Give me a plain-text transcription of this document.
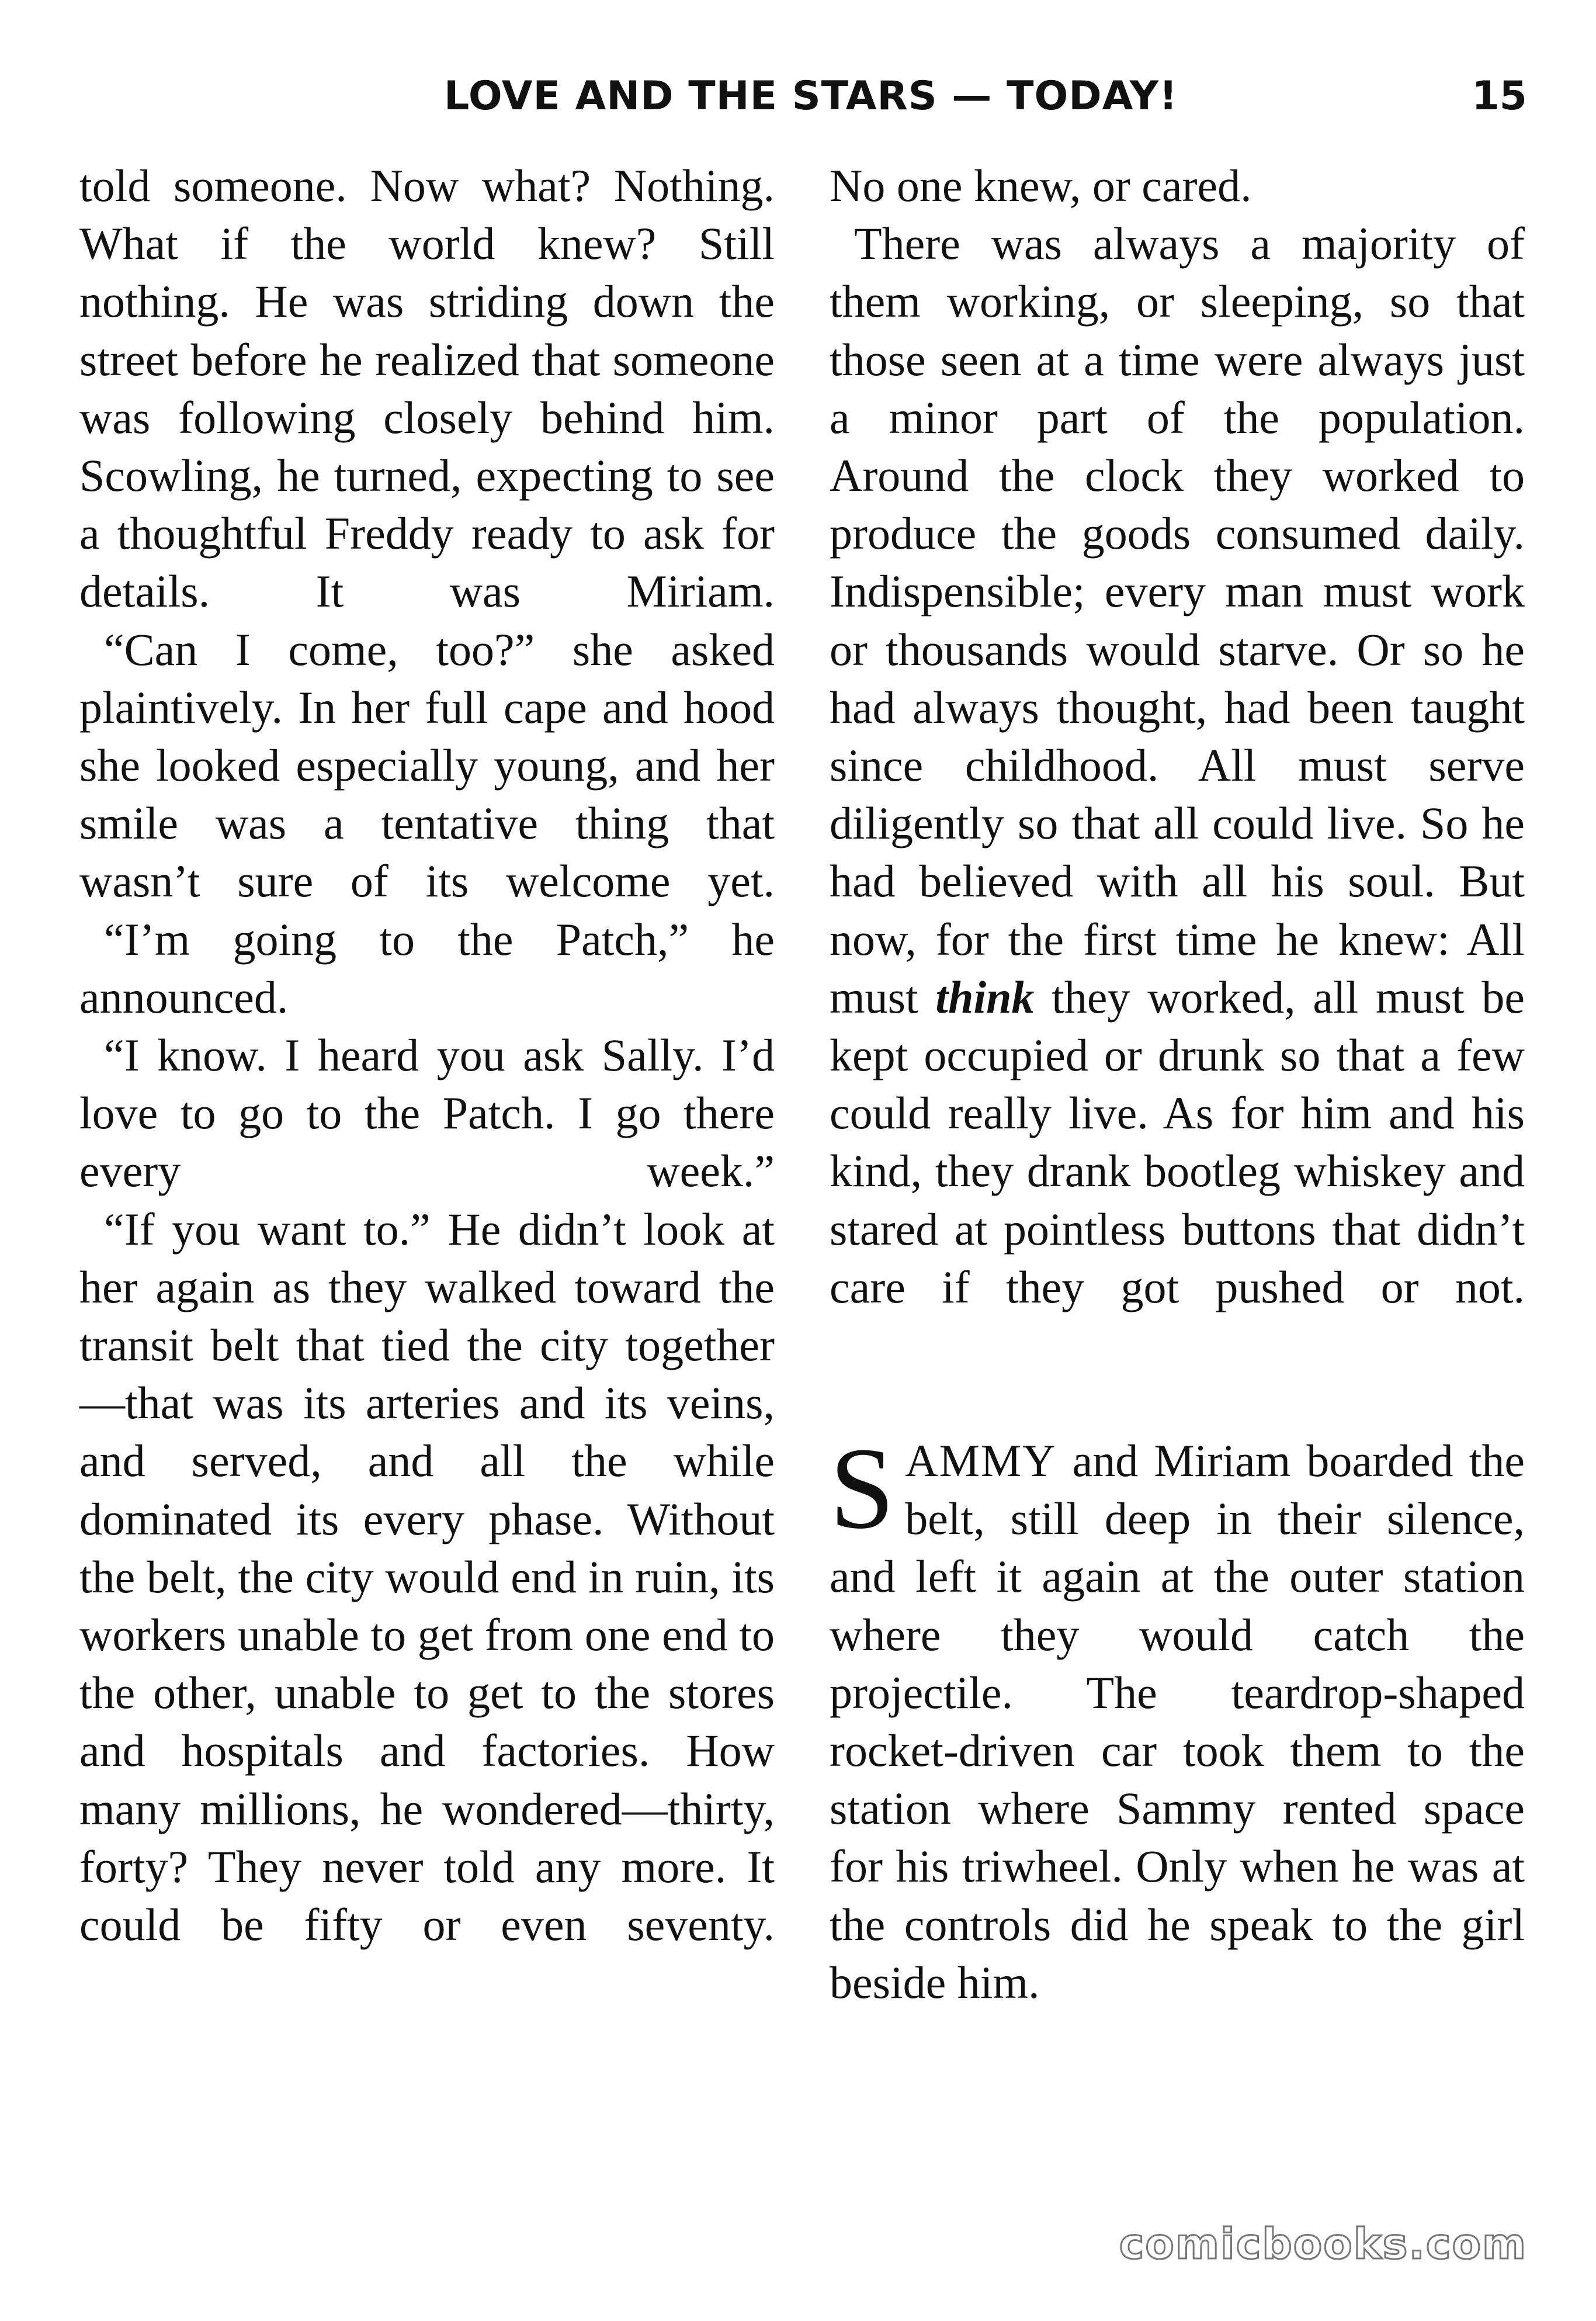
LOVE AND THE STARS — TODAY!	15

told someone. Now what? Nothing. What if the world knew? Still nothing. He was striding down the street before he realized that someone was following closely behind him. Scowling, he turned, expecting to see a thoughtful Freddy ready to ask for details. It was Miriam.

“Can I come, too?” she asked plaintively. In her full cape and hood she looked especially young, and her smile was a tentative thing that wasn’t sure of its welcome yet.

“I’m going to the Patch,” he announced.

“I know. I heard you ask Sally. I’d love to go to the Patch. I go there every week.”

“If you want to.” He didn’t look at her again as they walked toward the transit belt that tied the city together—that was its arteries and its veins, and served, and all the while dominated its every phase. Without the belt, the city would end in ruin, its workers unable to get from one end to the other, unable to get to the stores and hospitals and factories. How many millions, he wondered—thirty, forty? They never told any more. It could be fifty or even seventy.

No one knew, or cared.

There was always a majority of them working, or sleeping, so that those seen at a time were always just a minor part of the population. Around the clock they worked to produce the goods consumed daily. Indispensible; every man must work or thousands would starve. Or so he had always thought, had been taught since childhood. All must serve diligently so that all could live. So he had believed with all his soul. But now, for the first time he knew: All must think they worked, all must be kept occupied or drunk so that a few could really live. As for him and his kind, they drank bootleg whiskey and stared at pointless buttons that didn’t care if they got pushed or not.

SAMMY and Miriam boarded the belt, still deep in their silence, and left it again at the outer station where they would catch the projectile. The teardrop-shaped rocket-driven car took them to the station where Sammy rented space for his triwheel. Only when he was at the controls did he speak to the girl beside him.

comicbooks.com
